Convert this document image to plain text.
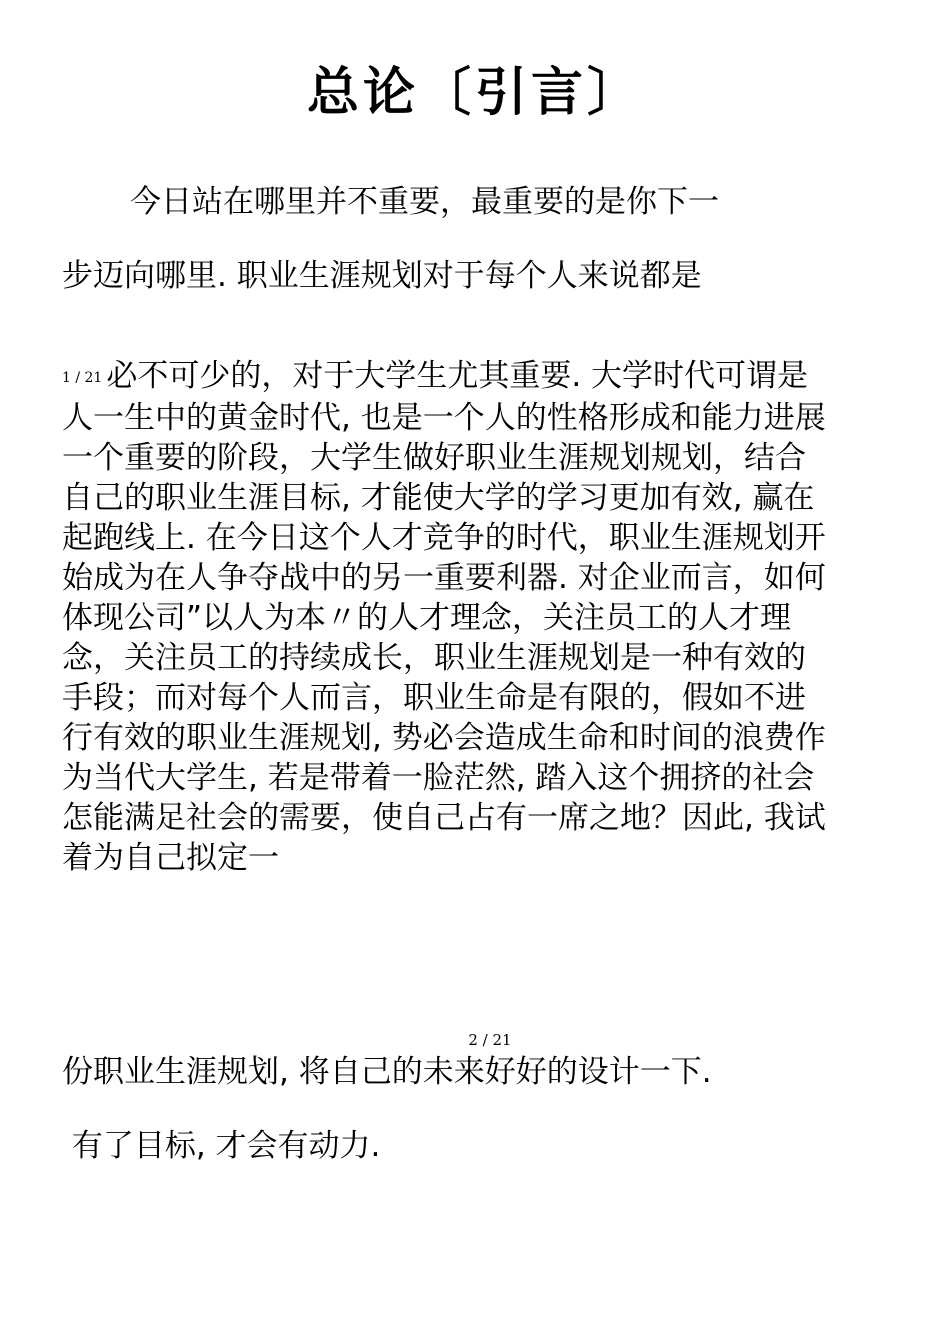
总论〔引言〕

今日站在哪里并不重要，最重要的是你下一

步迈向哪里. 职业生涯规划对于每个人来说都是

1 / 21 必不可少的，对于大学生尤其重要. 大学时代可谓是
人一生中的黄金时代, 也是一个人的性格形成和能力进展
一个重要的阶段，大学生做好职业生涯规划规划，结合
自己的职业生涯目标, 才能使大学的学习更加有效, 赢在
起跑线上. 在今日这个人才竞争的时代，职业生涯规划开
始成为在人争夺战中的另一重要利器. 对企业而言，如何
体现公司”以人为本〃的人才理念，关注员工的人才理
念，关注员工的持续成长，职业生涯规划是一种有效的
手段；而对每个人而言，职业生命是有限的，假如不进
行有效的职业生涯规划, 势必会造成生命和时间的浪费作
为当代大学生, 若是带着一脸茫然, 踏入这个拥挤的社会
怎能满足社会的需要，使自己占有一席之地？因此, 我试
着为自己拟定一
2 / 21

份职业生涯规划, 将自己的未来好好的设计一下.

有了目标, 才会有动力.
